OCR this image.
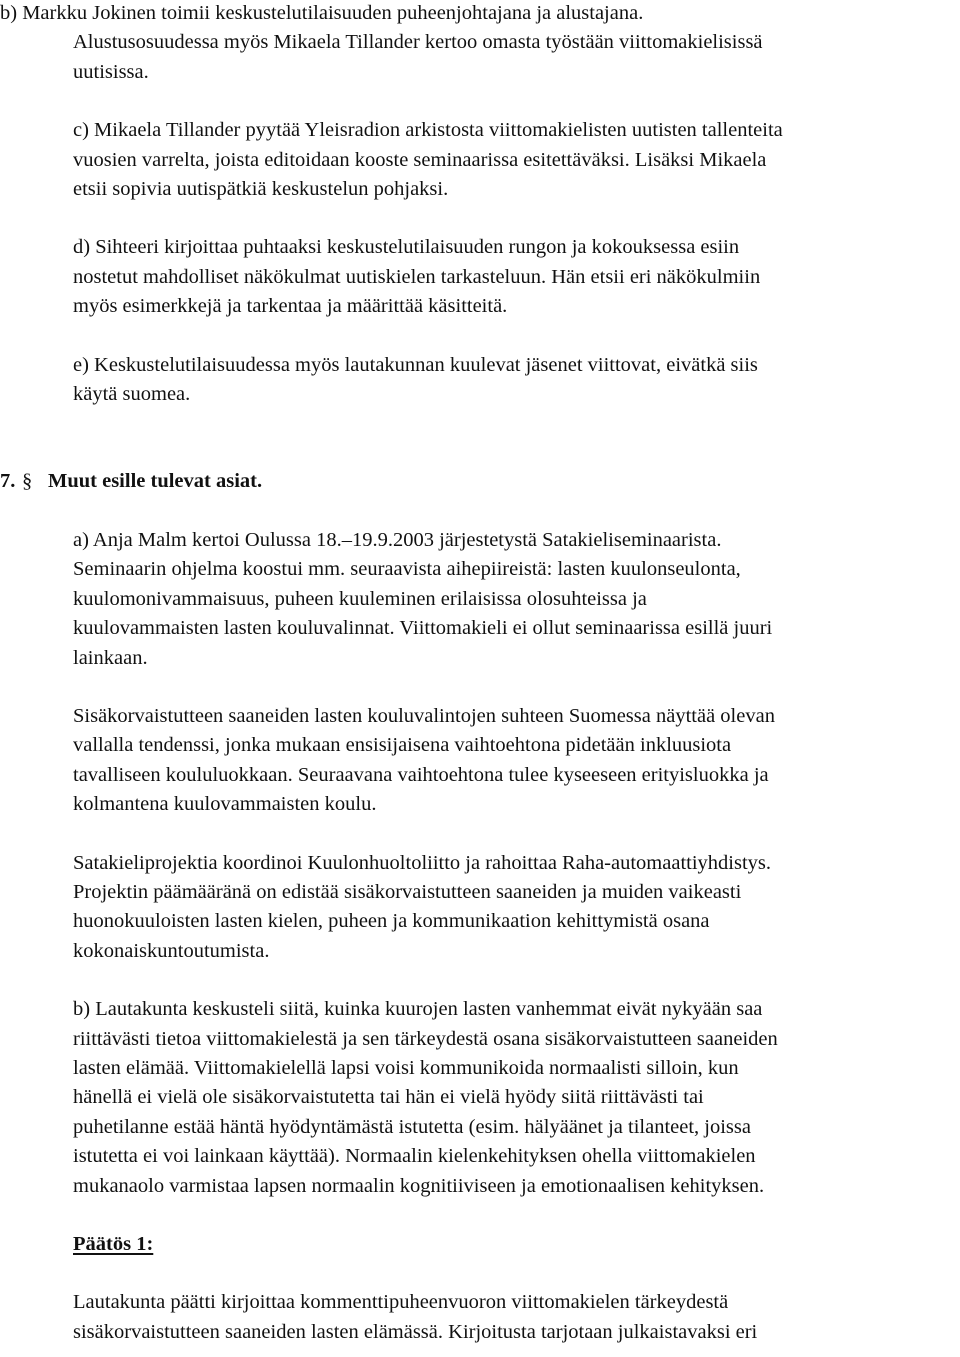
b) Markku Jokinen toimii keskustelutilaisuuden puheenjohtajana ja alustajana.
Alustusosuudessa myös Mikaela Tillander kertoo omasta työstään viittomakielisissä
uutisissa.

c) Mikaela Tillander pyytää Yleisradion arkistosta viittomakielisten uutisten tallenteita
vuosien varrelta, joista editoidaan kooste seminaarissa esitettäväksi. Lisäksi Mikaela
etsii sopivia uutispätkiä keskustelun pohjaksi.

d) Sihteeri kirjoittaa puhtaaksi keskustelutilaisuuden rungon ja kokouksessa esiin
nostetut mahdolliset näkökulmat uutiskielen tarkasteluun. Hän etsii eri näkökulmiin
myös esimerkkejä ja tarkentaa ja määrittää käsitteitä.

e) Keskustelutilaisuudessa myös lautakunnan kuulevat jäsenet viittovat, eivätkä siis
käytä suomea.

7. § Muut esille tulevat asiat.

a) Anja Malm kertoi Oulussa 18.–19.9.2003 järjestetystä Satakieliseminaarista.
Seminaarin ohjelma koostui mm. seuraavista aihepiireistä: lasten kuulonseulonta,
kuulomonivammaisuus, puheen kuuleminen erilaisissa olosuhteissa ja
kuulovammaisten lasten kouluvalinnat. Viittomakieli ei ollut seminaarissa esillä juuri
lainkaan.

Sisäkorvaistutteen saaneiden lasten kouluvalintojen suhteen Suomessa näyttää olevan
vallalla tendenssi, jonka mukaan ensisijaisena vaihtoehtona pidetään inkluusiota
tavalliseen koululuokkaan. Seuraavana vaihtoehtona tulee kyseeseen erityisluokka ja
kolmantena kuulovammaisten koulu.

Satakieliprojektia koordinoi Kuulonhuoltoliitto ja rahoittaa Raha-automaattiyhdistys.
Projektin päämääränä on edistää sisäkorvaistutteen saaneiden ja muiden vaikeasti
huonokuuloisten lasten kielen, puheen ja kommunikaation kehittymistä osana
kokonaiskuntoutumista.

b) Lautakunta keskusteli siitä, kuinka kuurojen lasten vanhemmat eivät nykyään saa
riittävästi tietoa viittomakielestä ja sen tärkeydestä osana sisäkorvaistutteen saaneiden
lasten elämää. Viittomakielellä lapsi voisi kommunikoida normaalisti silloin, kun
hänellä ei vielä ole sisäkorvaistutetta tai hän ei vielä hyödy siitä riittävästi tai
puhetilanne estää häntä hyödyntämästä istutetta (esim. hälyäänet ja tilanteet, joissa
istutetta ei voi lainkaan käyttää). Normaalin kielenkehityksen ohella viittomakielen
mukanaolo varmistaa lapsen normaalin kognitiiviseen ja emotionaalisen kehityksen.

Päätös 1:

Lautakunta päätti kirjoittaa kommenttipuheenvuoron viittomakielen tärkeydestä
sisäkorvaistutteen saaneiden lasten elämässä. Kirjoitusta tarjotaan julkaistavaksi eri
